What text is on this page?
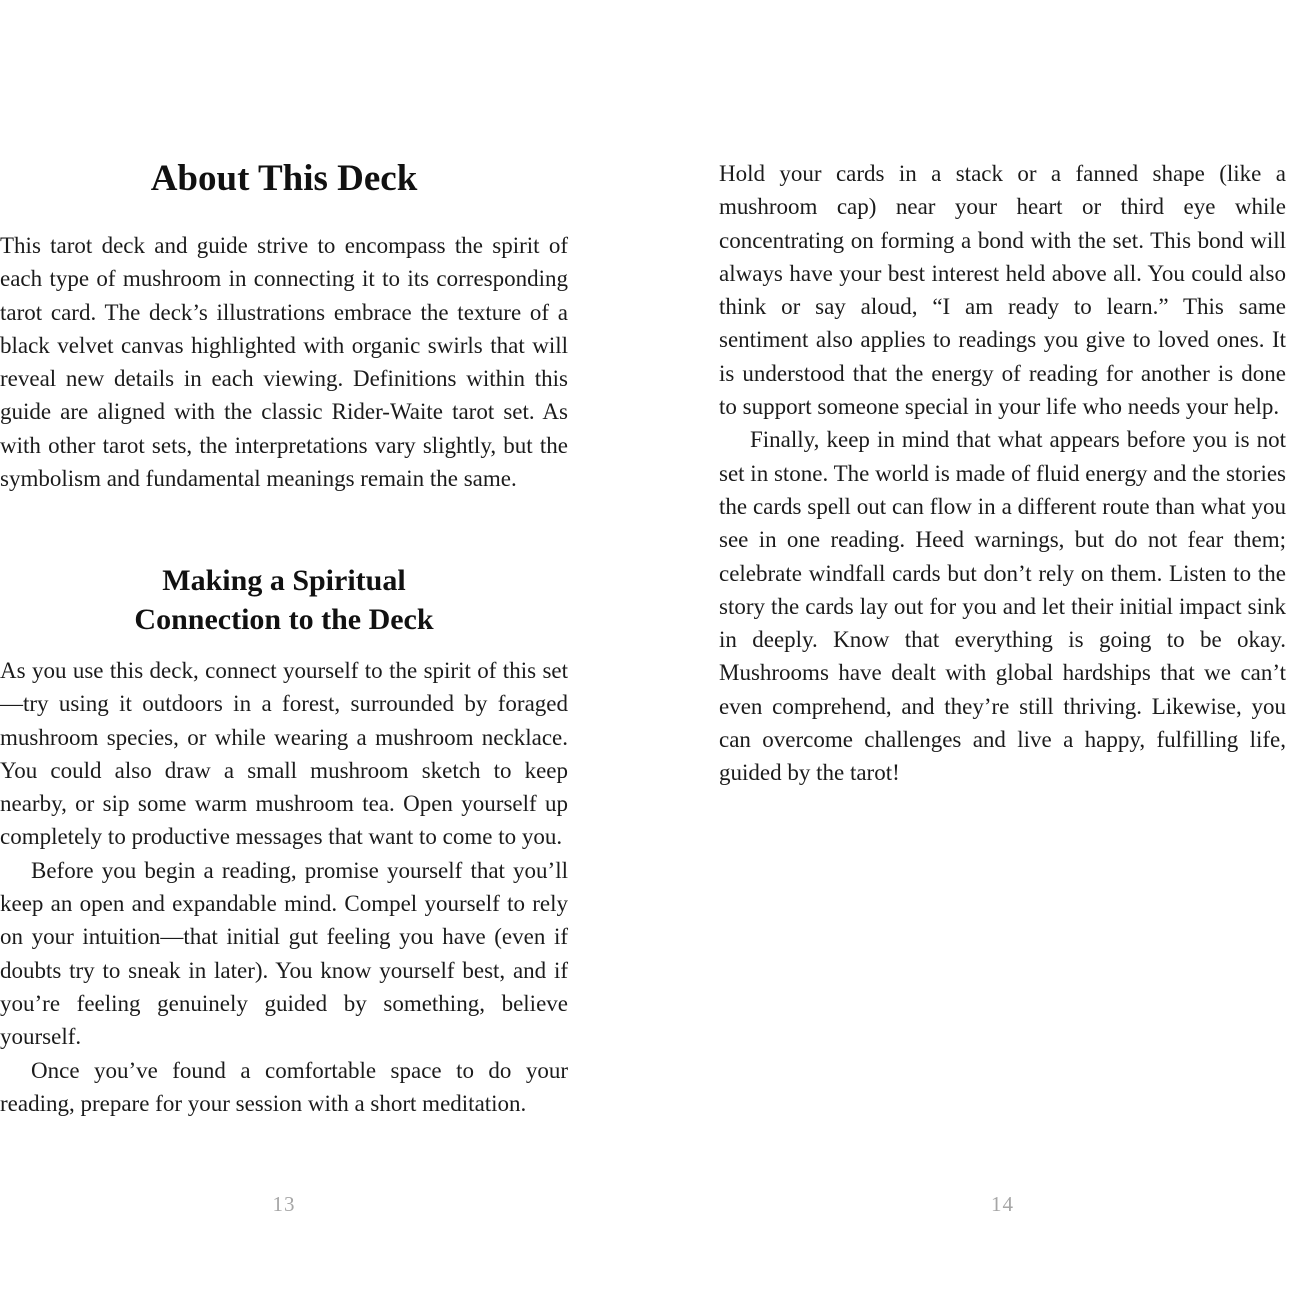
About This Deck

This tarot deck and guide strive to encompass the spirit of each type of mushroom in connecting it to its corresponding tarot card. The deck’s illustrations embrace the texture of a black velvet canvas highlighted with organic swirls that will reveal new details in each viewing. Definitions within this guide are aligned with the classic Rider-Waite tarot set. As with other tarot sets, the interpretations vary slightly, but the symbolism and fundamental meanings remain the same.

Making a Spiritual
Connection to the Deck

As you use this deck, connect yourself to the spirit of this set—try using it outdoors in a forest, surrounded by foraged mushroom species, or while wearing a mushroom necklace. You could also draw a small mushroom sketch to keep nearby, or sip some warm mushroom tea. Open yourself up completely to productive messages that want to come to you.

Before you begin a reading, promise yourself that you’ll keep an open and expandable mind. Compel yourself to rely on your intuition—that initial gut feeling you have (even if doubts try to sneak in later). You know yourself best, and if you’re feeling genuinely guided by something, believe yourself.

Once you’ve found a comfortable space to do your reading, prepare for your session with a short meditation.

13

Hold your cards in a stack or a fanned shape (like a mushroom cap) near your heart or third eye while concentrating on forming a bond with the set. This bond will always have your best interest held above all. You could also think or say aloud, “I am ready to learn.” This same sentiment also applies to readings you give to loved ones. It is understood that the energy of reading for another is done to support someone special in your life who needs your help.

Finally, keep in mind that what appears before you is not set in stone. The world is made of fluid energy and the stories the cards spell out can flow in a different route than what you see in one reading. Heed warnings, but do not fear them; celebrate windfall cards but don’t rely on them. Listen to the story the cards lay out for you and let their initial impact sink in deeply. Know that everything is going to be okay. Mushrooms have dealt with global hardships that we can’t even comprehend, and they’re still thriving. Likewise, you can overcome challenges and live a happy, fulfilling life, guided by the tarot!

14
